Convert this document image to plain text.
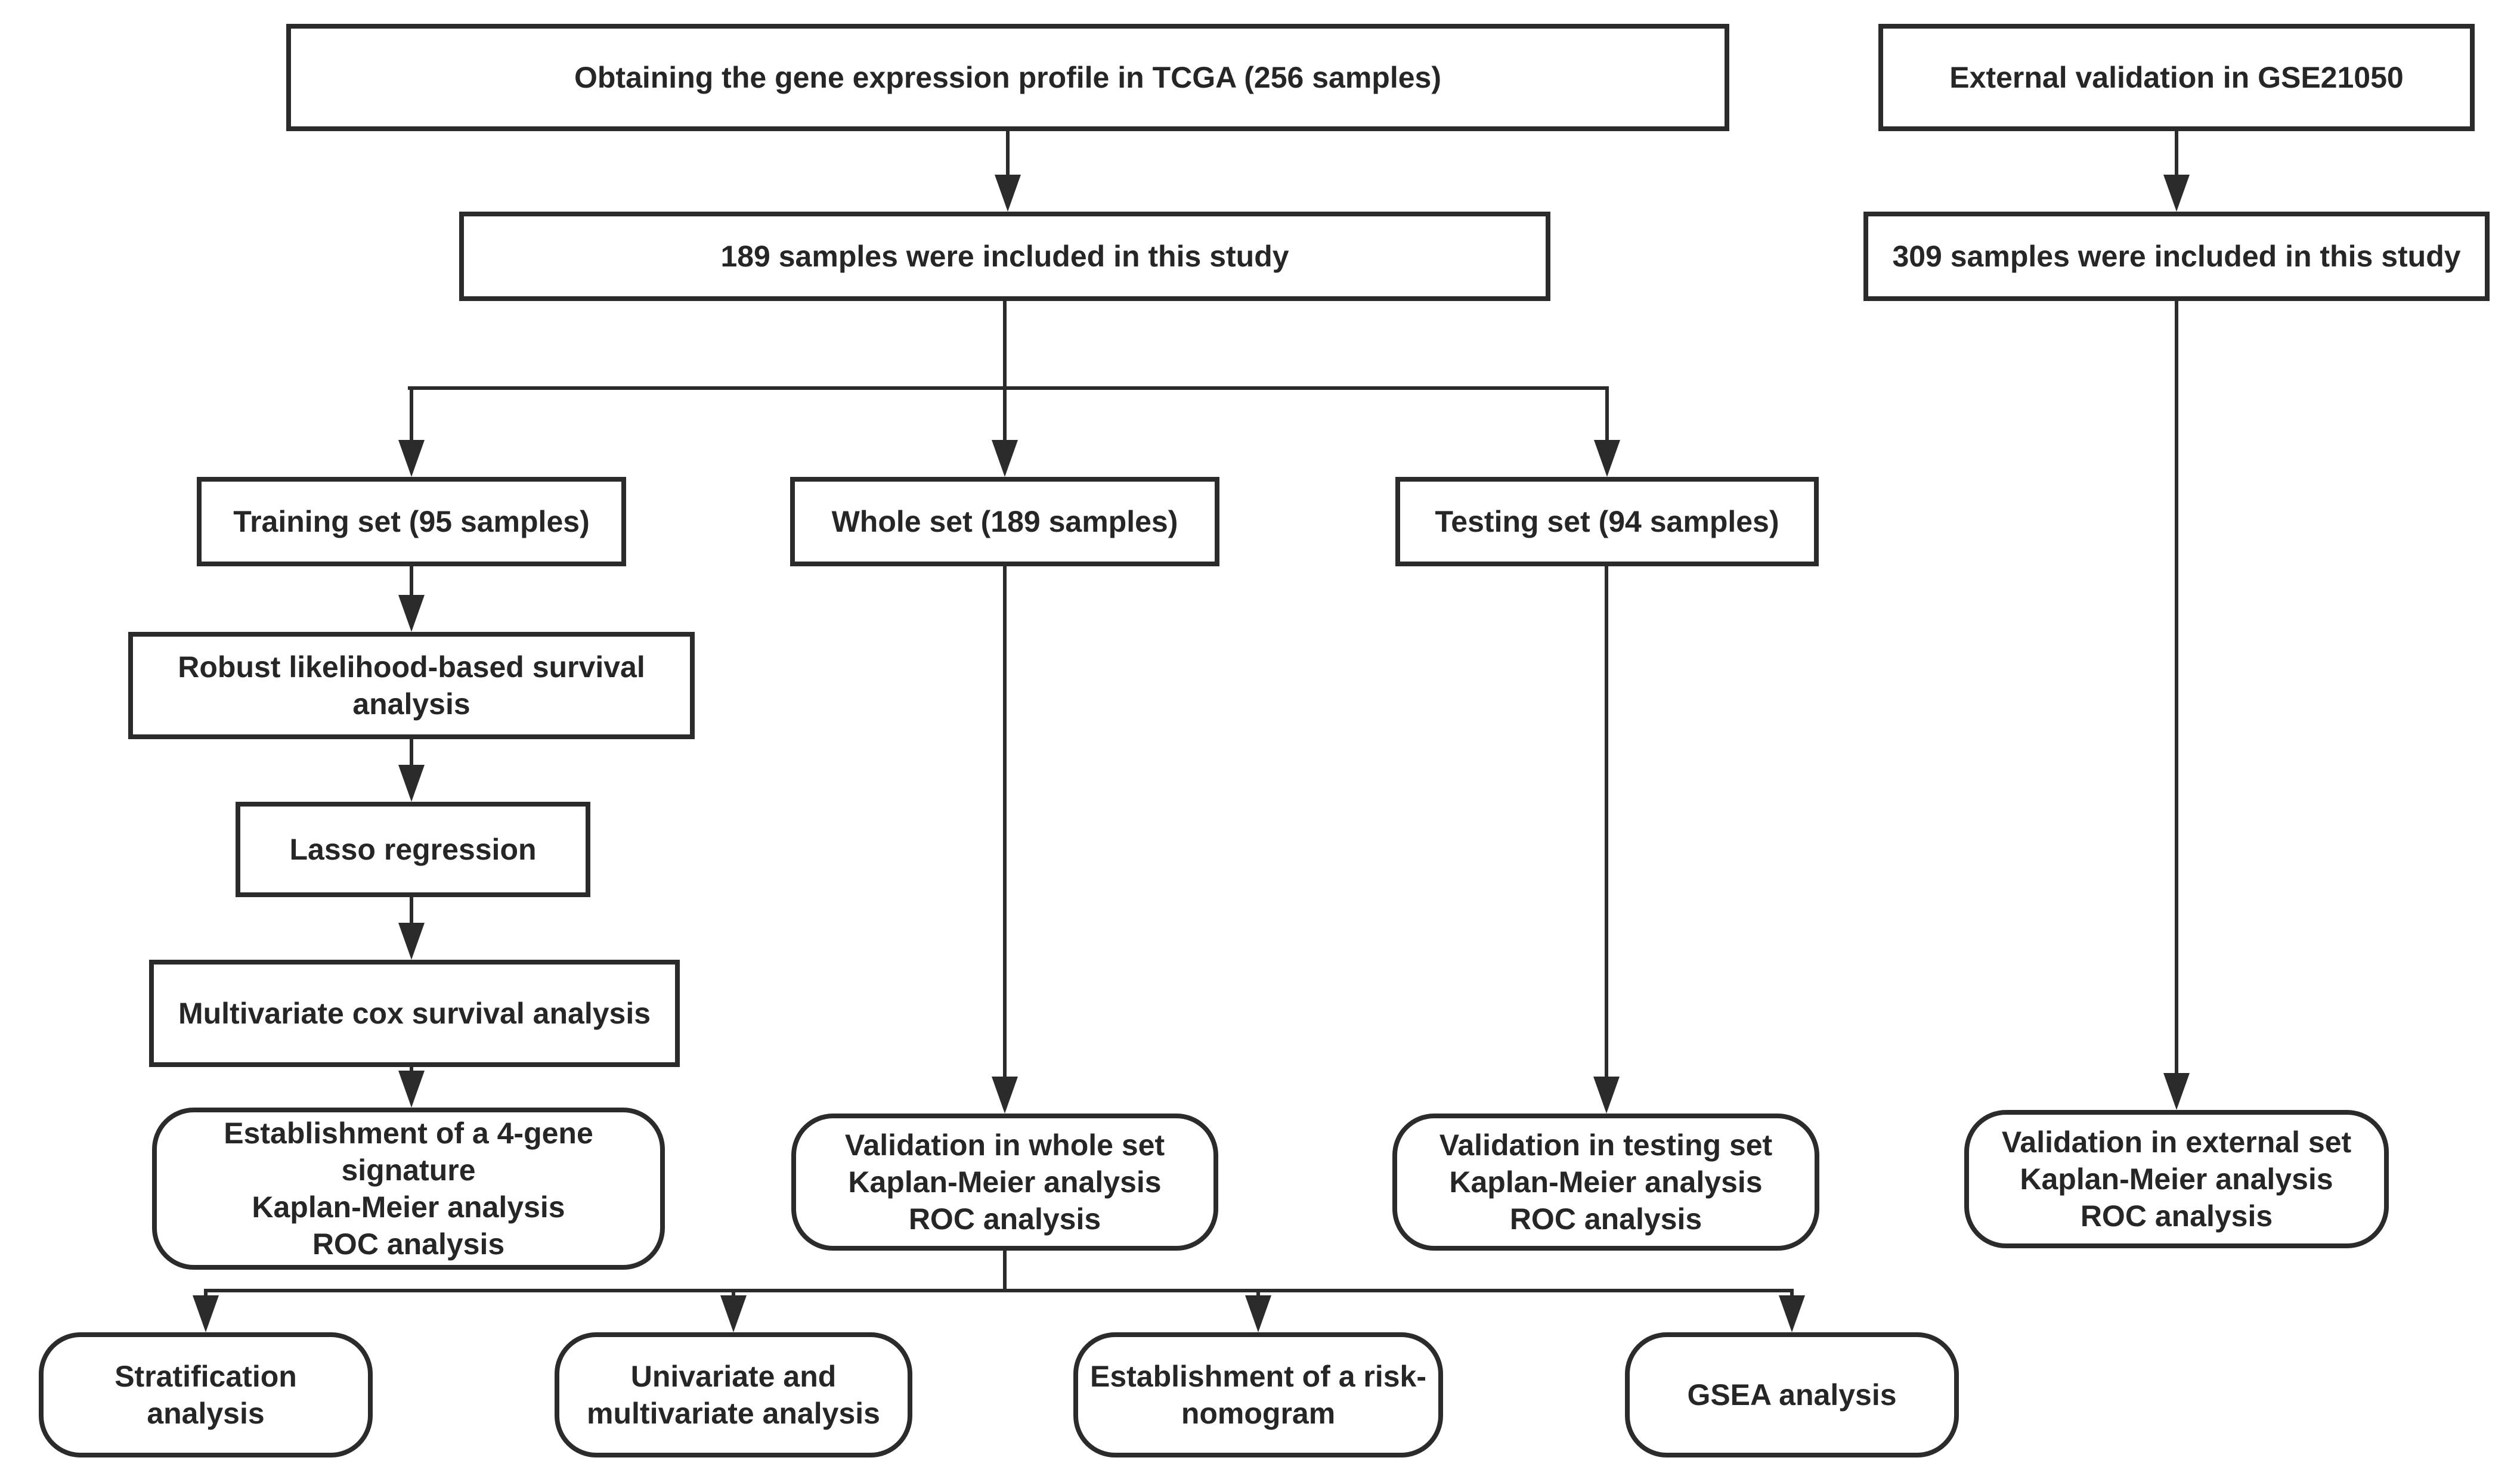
Obtaining the gene expression profile in TCGA (256 samples)	External validation in GSE21050
189 samples were included in this study	309 samples were included in this study
Training set (95 samples)	Whole set (189 samples)	Testing set (94 samples)
Robust likelihood-based survival analysis
Lasso regression
Multivariate cox survival analysis
Establishment of a 4-gene signature
Kaplan-Meier analysis
ROC analysis
Validation in whole set
Kaplan-Meier analysis
ROC analysis
Validation in testing set
Kaplan-Meier analysis
ROC analysis
Validation in external set
Kaplan-Meier analysis
ROC analysis
Stratification analysis
Univariate and multivariate analysis
Establishment of a risk-nomogram
GSEA analysis
